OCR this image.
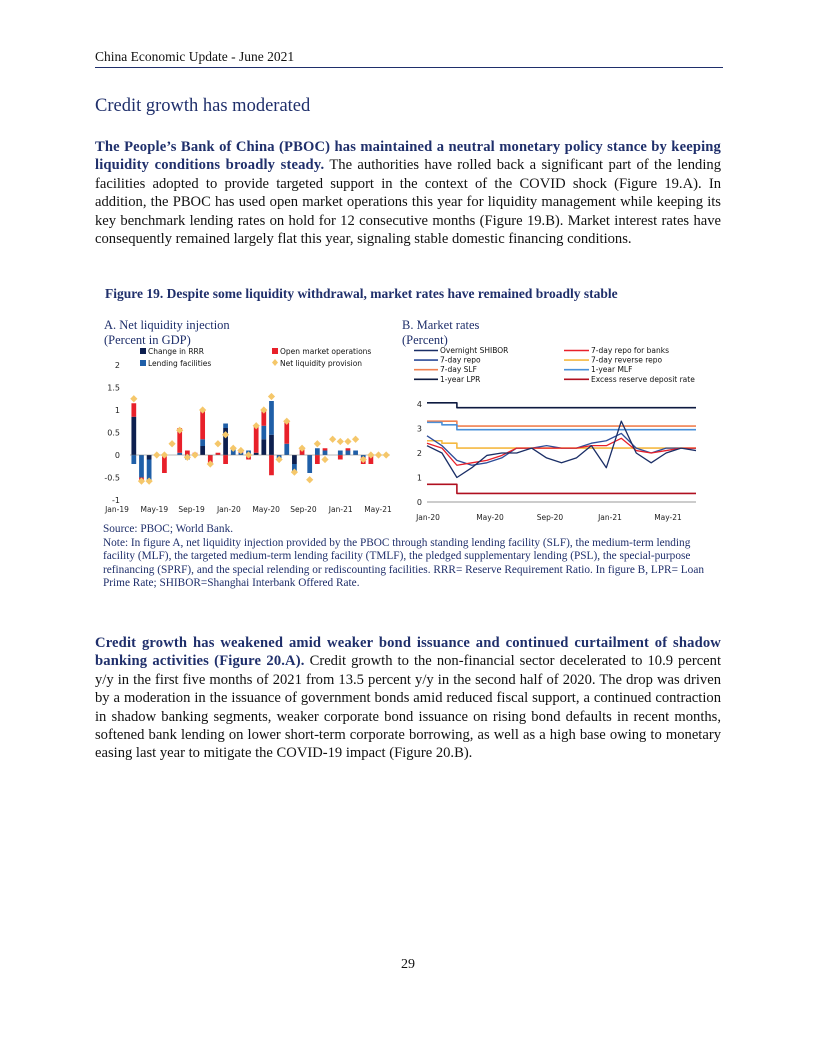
China Economic Update - June 2021
Credit growth has moderated
The People’s Bank of China (PBOC) has maintained a neutral monetary policy stance by keeping liquidity conditions broadly steady. The authorities have rolled back a significant part of the lending facilities adopted to provide targeted support in the context of the COVID shock (Figure 19.A). In addition, the PBOC has used open market operations this year for liquidity management while keeping its key benchmark lending rates on hold for 12 consecutive months (Figure 19.B). Market interest rates have consequently remained largely flat this year, signaling stable domestic financing conditions.
Figure 19. Despite some liquidity withdrawal, market rates have remained broadly stable
A. Net liquidity injection
(Percent in GDP)
B. Market rates
(Percent)
-1
-0.5
0
0.5
1
1.5
2
Change in RRR
Lending facilities
Open market operations
Net liquidity provision
Jan-19 May-19 Sep-19 Jan-20 May-20 Sep-20 Jan-21 May-21
Overnight SHIBOR
7-day repo
7-day SLF
1-year LPR
7-day repo for banks
7-day reverse repo
1-year MLF
Excess reserve deposit rate
0
1
2
3
4
Jan-20	May-20	Sep-20	Jan-21	May-21
Source: PBOC; World Bank.
Note: In figure A, net liquidity injection provided by the PBOC through standing lending facility (SLF), the medium-term lending facility (MLF), the targeted medium-term lending facility (TMLF), the pledged supplementary lending (PSL), the special-purpose refinancing (SPRF), and the special relending or rediscounting facilities. RRR= Reserve Requirement Ratio. In figure B, LPR= Loan Prime Rate; SHIBOR=Shanghai Interbank Offered Rate.
Credit growth has weakened amid weaker bond issuance and continued curtailment of shadow banking activities (Figure 20.A). Credit growth to the non-financial sector decelerated to 10.9 percent y/y in the first five months of 2021 from 13.5 percent y/y in the second half of 2020. The drop was driven by a moderation in the issuance of government bonds amid reduced fiscal support, a continued contraction in shadow banking segments, weaker corporate bond issuance on rising bond defaults in recent months, softened bank lending on lower short-term corporate borrowing, as well as a high base owing to monetary easing last year to mitigate the COVID-19 impact (Figure 20.B).
29
